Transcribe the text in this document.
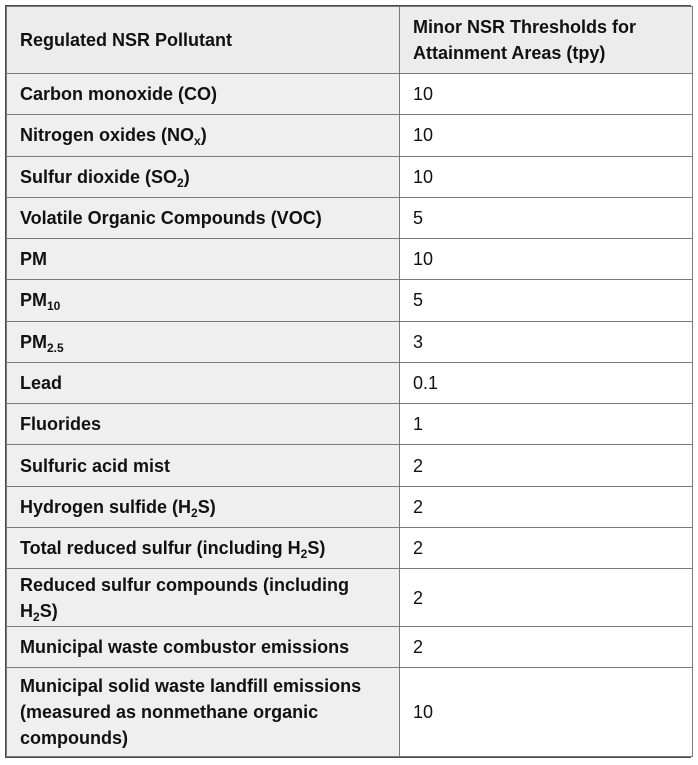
Regulated NSR Pollutant	Minor NSR Thresholds for Attainment Areas (tpy)
Carbon monoxide (CO)	10
Nitrogen oxides $(NO_x)$	10
Sulfur dioxide $(SO_2)$	10
Volatile Organic Compounds (VOC)	5
PM	10
$PM_{10}$	5
$PM_{2.5}$	3
Lead	0.1
Fluorides	1
Sulfuric acid mist	2
Hydrogen sulfide $(H_2S)$	2
Total reduced sulfur (including $H_2S$)	2
Reduced sulfur compounds (including $H_2S$)	2
Municipal waste combustor emissions	2
Municipal solid waste landfill emissions (measured as nonmethane organic compounds)	10
